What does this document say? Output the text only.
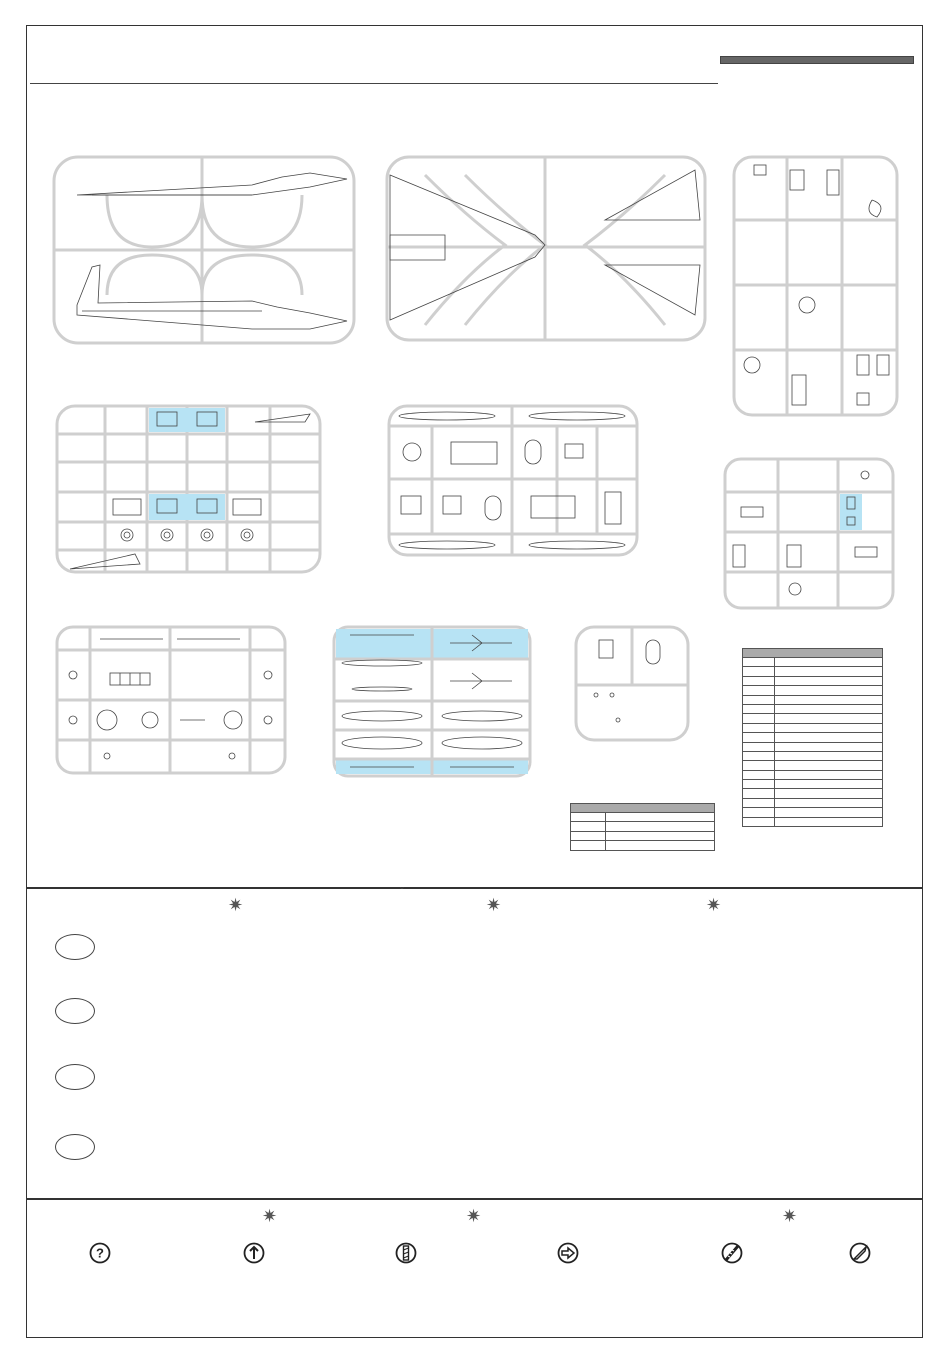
ˇ
✷	✷	✷
✷	✷	✷
?
